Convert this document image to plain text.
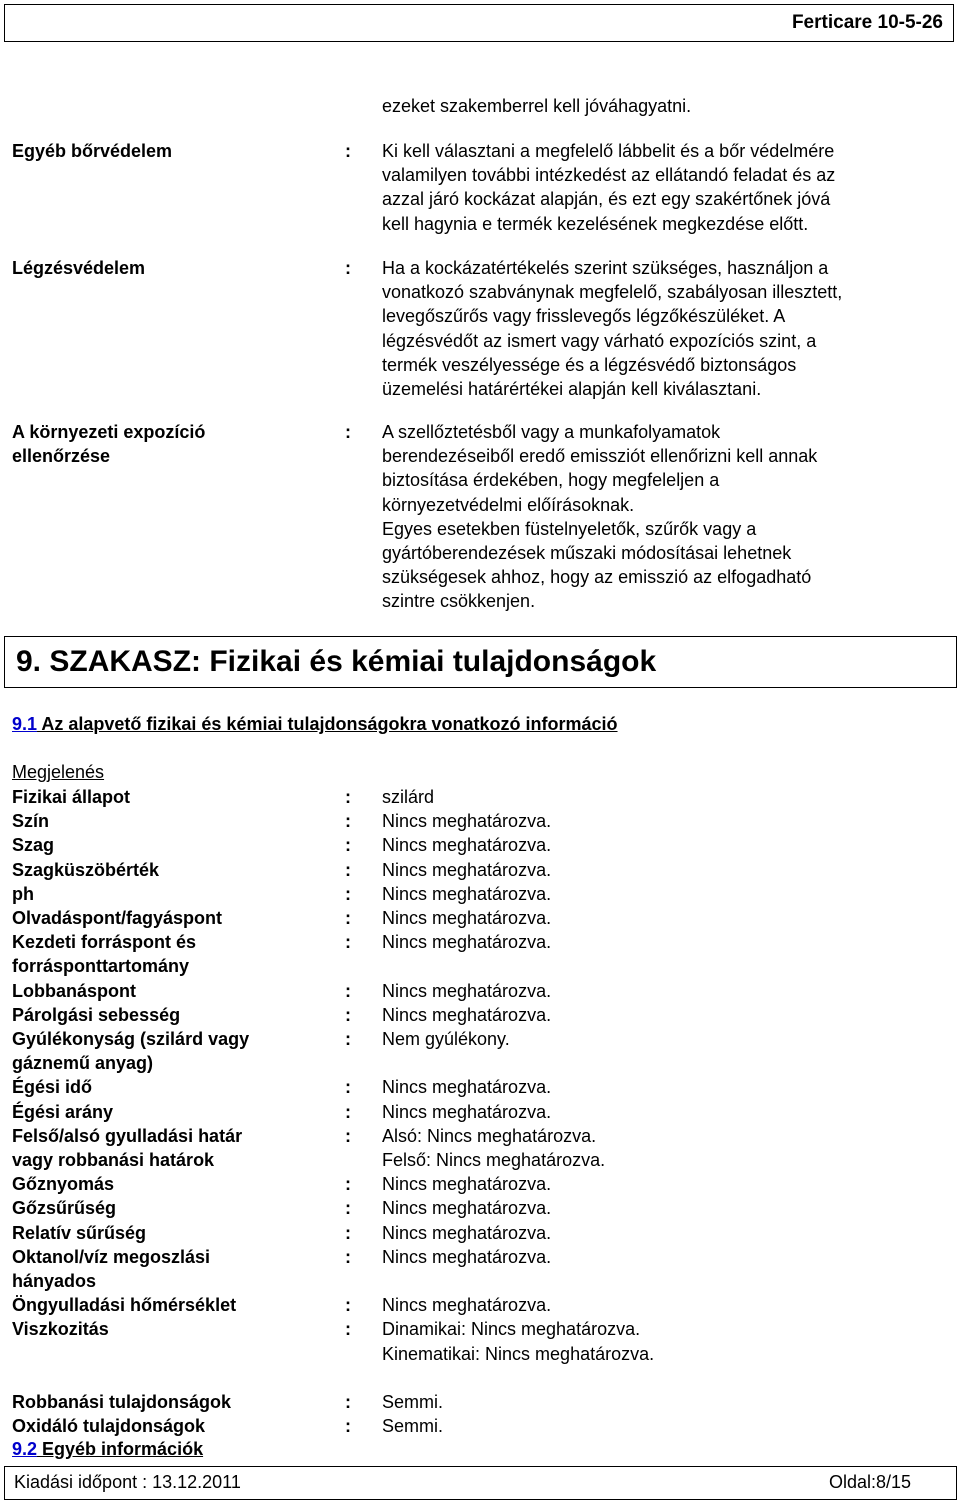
Ferticare 10-5-26
ezeket szakemberrel kell jóváhagyatni.
Egyéb bőrvédelem	: Ki kell választani a megfelelő lábbelit és a bőr védelmére

valamilyen további intézkedést az ellátandó feladat és az

azzal járó kockázat alapján, és ezt egy szakértőnek jóvá

kell hagynia e termék kezelésének megkezdése előtt.

Légzésvédelem	: Ha a kockázatértékelés szerint szükséges, használjon a

vonatkozó szabványnak megfelelő, szabályosan illesztett,

levegőszűrős vagy frisslevegős légzőkészüléket. A

légzésvédőt az ismert vagy várható expozíciós szint, a

termék veszélyessége és a légzésvédő biztonságos

üzemelési határértékei alapján kell kiválasztani.

A környezeti expozíció
ellenőrzése
: A szellőztetésből vagy a munkafolyamatok

berendezéseiből eredő emissziót ellenőrizni kell annak

biztosítása érdekében, hogy megfeleljen a

környezetvédelmi előírásoknak.

Egyes esetekben füstelnyeletők, szűrők vagy a

gyártóberendezések műszaki módosításai lehetnek

szükségesek ahhoz, hogy az emisszió az elfogadható

szintre csökkenjen.

9. SZAKASZ: Fizikai és kémiai tulajdonságok
9.1 Az alapvető fizikai és kémiai tulajdonságokra vonatkozó információ
Megjelenés
Fizikai állapot	: szilárd
Szín	: Nincs meghatározva.
Szag	: Nincs meghatározva.
Szagküszöbérték	: Nincs meghatározva.
ph	: Nincs meghatározva.
Olvadáspont/fagyáspont	: Nincs meghatározva.
Kezdeti forráspont és
forrásponttartomány
: Nincs meghatározva.
Lobbanáspont	: Nincs meghatározva.
Párolgási sebesség	: Nincs meghatározva.
Gyúlékonyság (szilárd vagy
gáznemű anyag)
: Nem gyúlékony.
Égési idő	: Nincs meghatározva.
Égési arány	: Nincs meghatározva.
Felső/alsó gyulladási határ
vagy robbanási határok
: Alsó: Nincs meghatározva.
Felső: Nincs meghatározva.
Gőznyomás	: Nincs meghatározva.
Gőzsűrűség	: Nincs meghatározva.
Relatív sűrűség	: Nincs meghatározva.
Oktanol/víz megoszlási
hányados
: Nincs meghatározva.
Öngyulladási hőmérséklet	: Nincs meghatározva.
Viszkozitás	: Dinamikai: Nincs meghatározva.
Kinematikai: Nincs meghatározva.
Robbanási tulajdonságok	: Semmi.
Oxidáló tulajdonságok	: Semmi.
9.2 Egyéb információk
Kiadási időpont : 13.12.2011	Oldal:8/15
